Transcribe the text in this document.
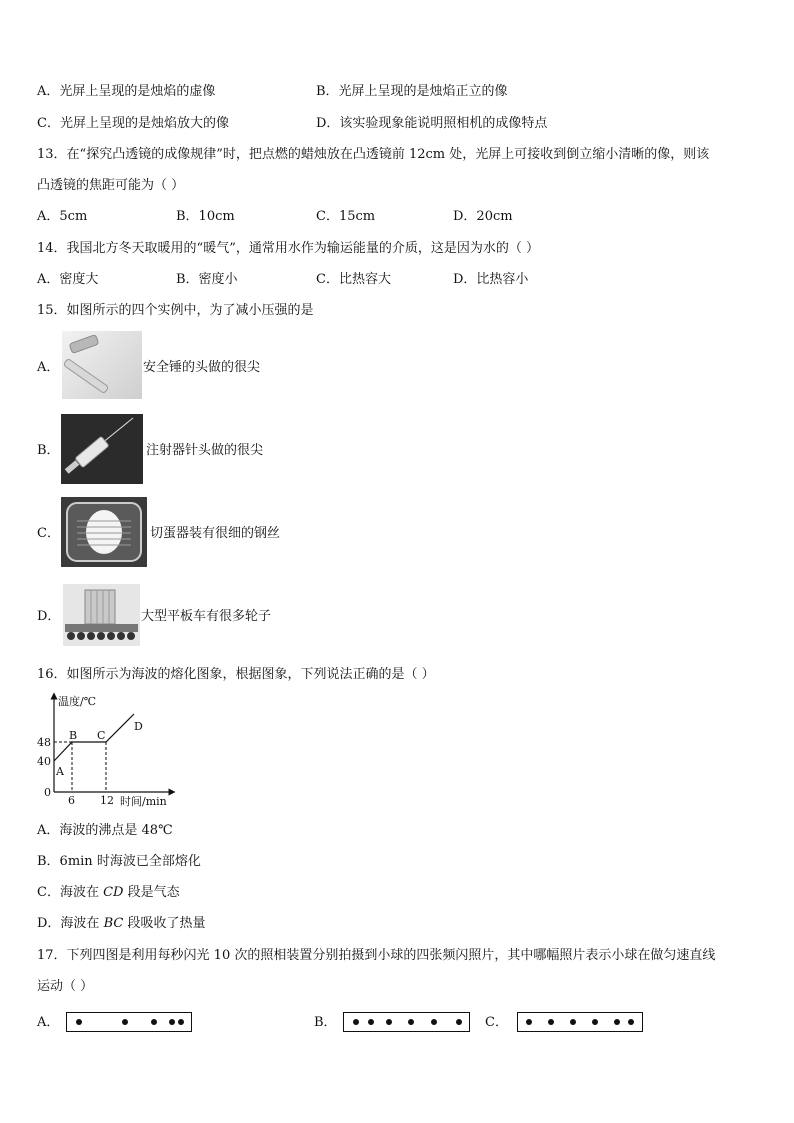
A．光屏上呈现的是烛焰的虚像	B．光屏上呈现的是烛焰正立的像
C．光屏上呈现的是烛焰放大的像	D．该实验现象能说明照相机的成像特点
13．在“探究凸透镜的成像规律”时，把点燃的蜡烛放在凸透镜前 12cm 处，光屏上可接收到倒立缩小清晰的像，则该
凸透镜的焦距可能为（ ）
A．5cm	B．10cm	C．15cm	D．20cm
14．我国北方冬天取暖用的“暖气”，通常用水作为输运能量的介质，这是因为水的（ ）
A．密度大	B．密度小	C．比热容大	D．比热容小
15．如图所示的四个实例中，为了减小压强的是
A．	安全锤的头做的很尖
B．	注射器针头做的很尖
C．	切蛋器装有很细的钢丝
D．	大型平板车有很多轮子
16．如图所示为海波的熔化图象，根据图象，下列说法正确的是（ ）
温度/℃
48
40
0
6 12 时间/min
A
B C
D
A．海波的沸点是 48℃
B．6min 时海波已全部熔化
C．海波在 CD 段是气态
D．海波在 BC 段吸收了热量
17．下列四图是利用每秒闪光 10 次的照相装置分别拍摄到小球的四张频闪照片，其中哪幅照片表示小球在做匀速直线
运动（ ）
A．	B．	C．
